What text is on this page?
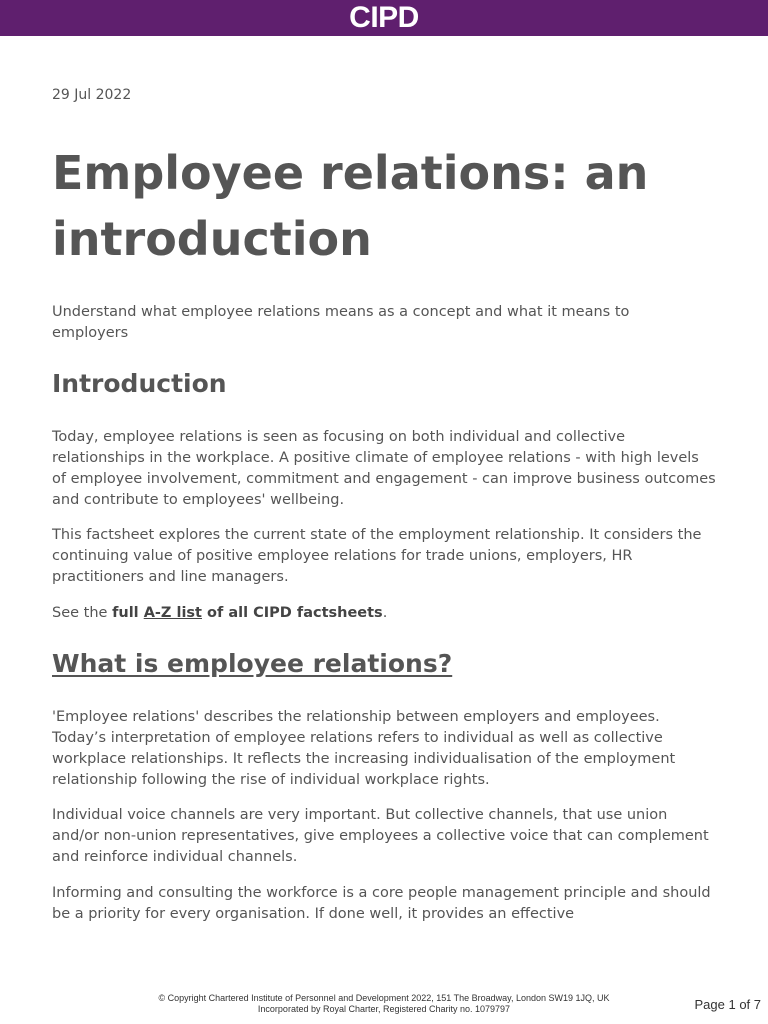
CIPD
29 Jul 2022
Employee relations: an introduction

Understand what employee relations means as a concept and what it means to employers

Introduction

Today, employee relations is seen as focusing on both individual and collective relationships in the workplace. A positive climate of employee relations - with high levels of employee involvement, commitment and engagement - can improve business outcomes and contribute to employees' wellbeing.

This factsheet explores the current state of the employment relationship. It considers the continuing value of positive employee relations for trade unions, employers, HR practitioners and line managers.

See the full A-Z list of all CIPD factsheets.

What is employee relations?

'Employee relations' describes the relationship between employers and employees. Today’s interpretation of employee relations refers to individual as well as collective workplace relationships. It reflects the increasing individualisation of the employment relationship following the rise of individual workplace rights.

Individual voice channels are very important. But collective channels, that use union and/or non-union representatives, give employees a collective voice that can complement and reinforce individual channels.

Informing and consulting the workforce is a core people management principle and should be a priority for every organisation. If done well, it provides an effective

© Copyright Chartered Institute of Personnel and Development 2022, 151 The Broadway, London SW19 1JQ, UK
Incorporated by Royal Charter, Registered Charity no. 1079797	Page 1 of 7
